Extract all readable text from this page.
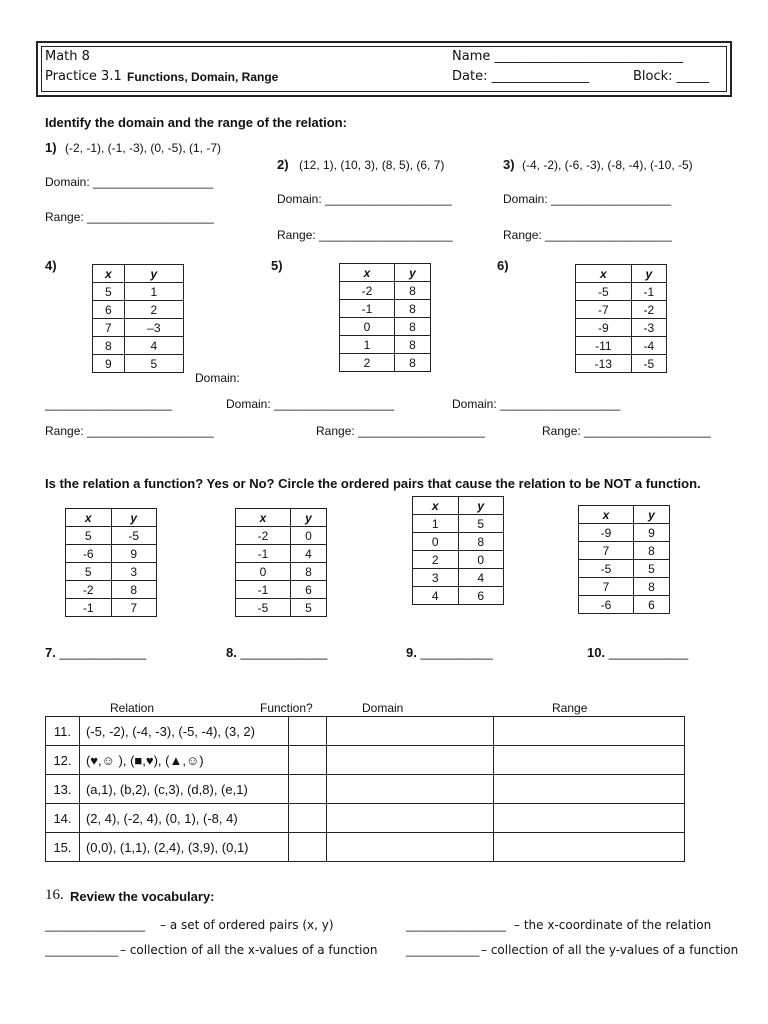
Math 8
Practice 3.1 Functions, Domain, Range
Name _____________________________
Date: _______________	Block: _____
Identify the domain and the range of the relation:
1) (-2, -1), (-1, -3), (0, -5), (1, -7)
Domain: __________________
Range: ___________________
2) (12, 1), (10, 3), (8, 5), (6, 7)
Domain: ___________________
Range: ____________________
3) (-4, -2), (-6, -3), (-8, -4), (-10, -5)
Domain: __________________
Range: ___________________
4)
x	y
5	1
6	2
7	–3
8	4
9	5
Domain:
___________________
Range: ___________________
5)	x	y
-2	8
-1	8
0	8
1	8
2	8
Domain: __________________
Range: ___________________
6)
x	y
-5	-1
-7	-2
-9	-3
-11	-4
-13	-5
Domain: __________________
Range: ___________________
Is the relation a function? Yes or No? Circle the ordered pairs that cause the relation to be NOT a function.
x	y
5	-5
-6	9
5	3
-2	8
-1	7
x	y
-2	0
-1	4
0	8
-1	6
-5	5
x	y
1	5
0	8
2	0
3	4
4	6
x	y
-9	9
7	8
-5	5
7	8
-6	6
7. ____________	8. ____________	9. __________	10. ___________
Relation	Function?	Domain	Range
11.	(-5, -2), (-4, -3), (-5, -4), (3, 2)			
12.	(♥,☺ ), (■,♥), (▲,☺)			
13.	(a,1), (b,2), (c,3), (d,8), (e,1)			
14.	(2, 4), (-2, 4), (0, 1), (-8, 4)			
15.	(0,0), (1,1), (2,4), (3,9), (0,1)			
16. Review the vocabulary:
_______________ – a set of ordered pairs (x, y)	_______________ – the x-coordinate of the relation
___________ – collection of all the x-values of a function ___________ – collection of all the y-values of a function
